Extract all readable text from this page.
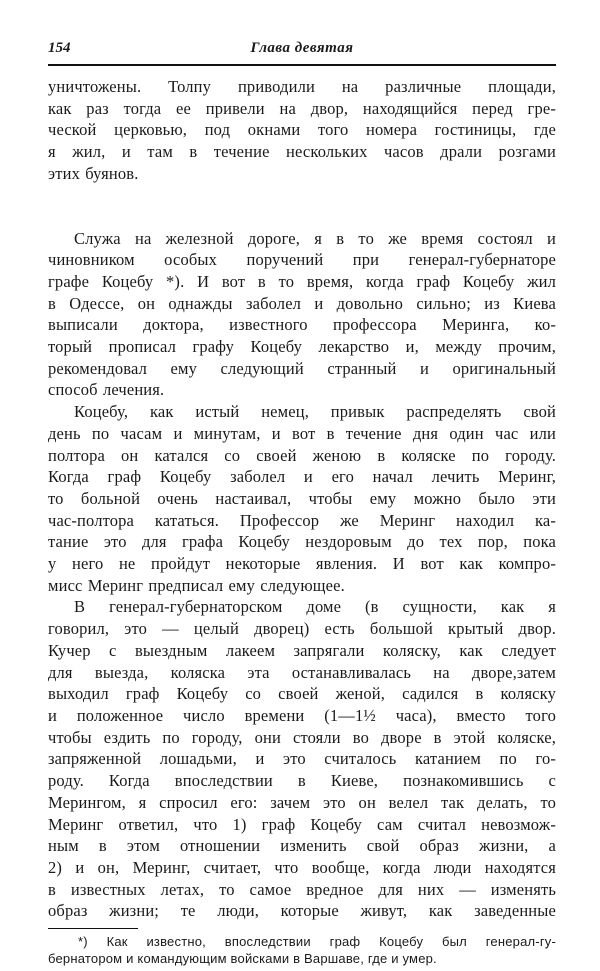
154	Глава девятая
уничтожены. Толпу приводили на различные площади,
как раз тогда ее привели на двор, находящийся перед гре-
ческой церковью, под окнами того номера гостиницы, где
я жил, и там в течение нескольких часов драли розгами
этих буянов.
Служа на железной дороге, я в то же время состоял и
чиновником особых поручений при генерал-губернаторе
графе Коцебу *). И вот в то время, когда граф Коцебу жил
в Одессе, он однажды заболел и довольно сильно; из Киева
выписали доктора, известного профессора Меринга, ко-
торый прописал графу Коцебу лекарство и, между прочим,
рекомендовал ему следующий странный и оригинальный
способ лечения.
Коцебу, как истый немец, привык распределять свой
день по часам и минутам, и вот в течение дня один час или
полтора он катался со своей женою в коляске по городу.
Когда граф Коцебу заболел и его начал лечить Меринг,
то больной очень настаивал, чтобы ему можно было эти
час-полтора кататься. Профессор же Меринг находил ка-
тание это для графа Коцебу нездоровым до тех пор, пока
у него не пройдут некоторые явления. И вот как компро-
мисс Меринг предписал ему следующее.
В генерал-губернаторском доме (в сущности, как я
говорил, это — целый дворец) есть большой крытый двор.
Кучер с выездным лакеем запрягали коляску, как следует
для выезда, коляска эта останавливалась на дворе,затем
выходил граф Коцебу со своей женой, садился в коляску
и положенное число времени (1—1½ часа), вместо того
чтобы ездить по городу, они стояли во дворе в этой коляске,
запряженной лошадьми, и это считалось катанием по го-
роду. Когда впоследствии в Киеве, познакомившись с
Мерингом, я спросил его: зачем это он велел так делать, то
Меринг ответил, что 1) граф Коцебу сам считал невозмож-
ным в этом отношении изменить свой образ жизни, а
2) и он, Меринг, считает, что вообще, когда люди находятся
в известных летах, то самое вредное для них — изменять
образ жизни; те люди, которые живут, как заведенные
*) Как известно, впоследствии граф Коцебу был генерал-гу-
бернатором и командующим войсками в Варшаве, где и умер.
